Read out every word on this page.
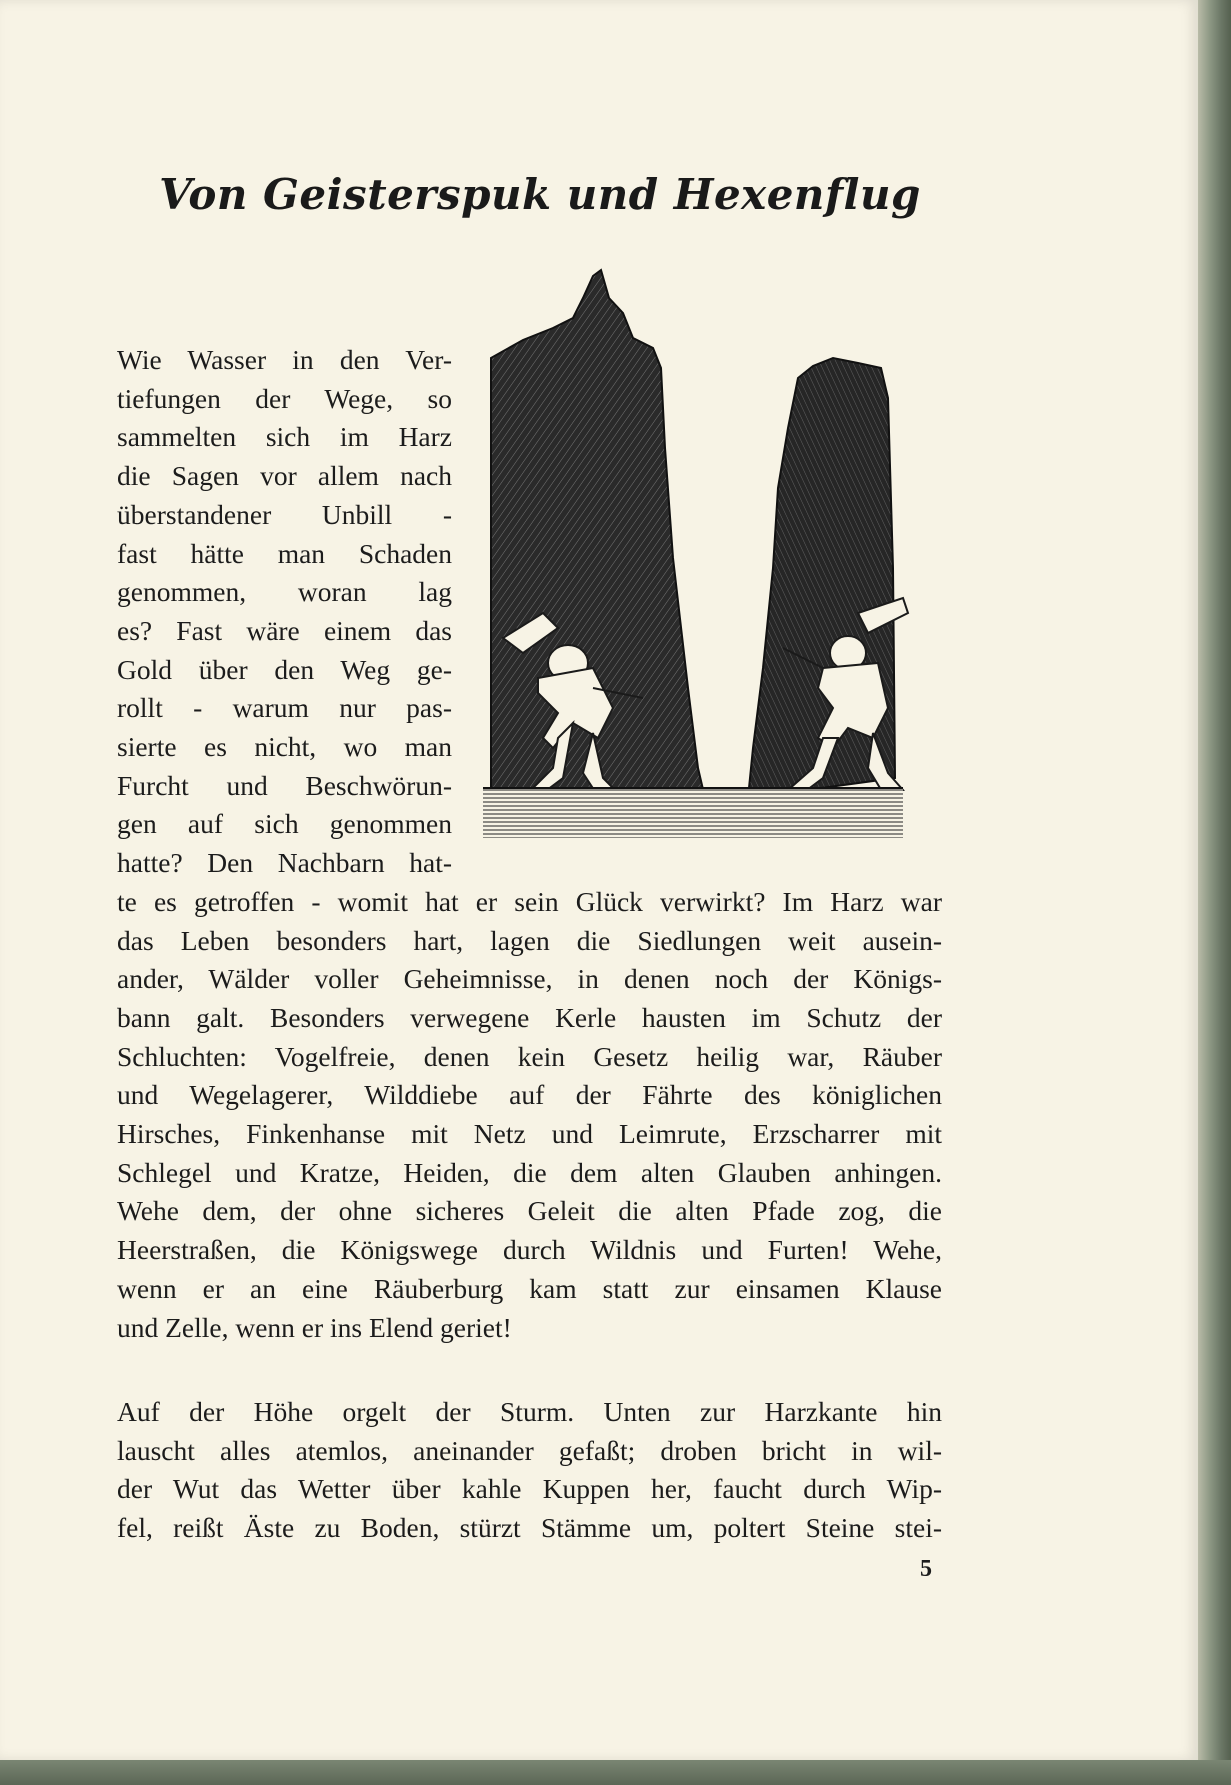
Von Geisterspuk und Hexenflug
Wie Wasser in den Ver-
tiefungen der Wege, so
sammelten sich im Harz
die Sagen vor allem nach
überstandener Unbill -
fast hätte man Schaden
genommen, woran lag
es? Fast wäre einem das
Gold über den Weg ge-
rollt - warum nur pas-
sierte es nicht, wo man
Furcht und Beschwörun-
gen auf sich genommen
hatte? Den Nachbarn hat-
te es getroffen - womit hat er sein Glück verwirkt? Im Harz war
das Leben besonders hart, lagen die Siedlungen weit ausein-
ander, Wälder voller Geheimnisse, in denen noch der Königs-
bann galt. Besonders verwegene Kerle hausten im Schutz der
Schluchten: Vogelfreie, denen kein Gesetz heilig war, Räuber
und Wegelagerer, Wilddiebe auf der Fährte des königlichen
Hirsches, Finkenhanse mit Netz und Leimrute, Erzscharrer mit
Schlegel und Kratze, Heiden, die dem alten Glauben anhingen.
Wehe dem, der ohne sicheres Geleit die alten Pfade zog, die
Heerstraßen, die Königswege durch Wildnis und Furten! Wehe,
wenn er an eine Räuberburg kam statt zur einsamen Klause
und Zelle, wenn er ins Elend geriet!
Auf der Höhe orgelt der Sturm. Unten zur Harzkante hin
lauscht alles atemlos, aneinander gefaßt; droben bricht in wil-
der Wut das Wetter über kahle Kuppen her, faucht durch Wip-
fel, reißt Äste zu Boden, stürzt Stämme um, poltert Steine stei-
5
